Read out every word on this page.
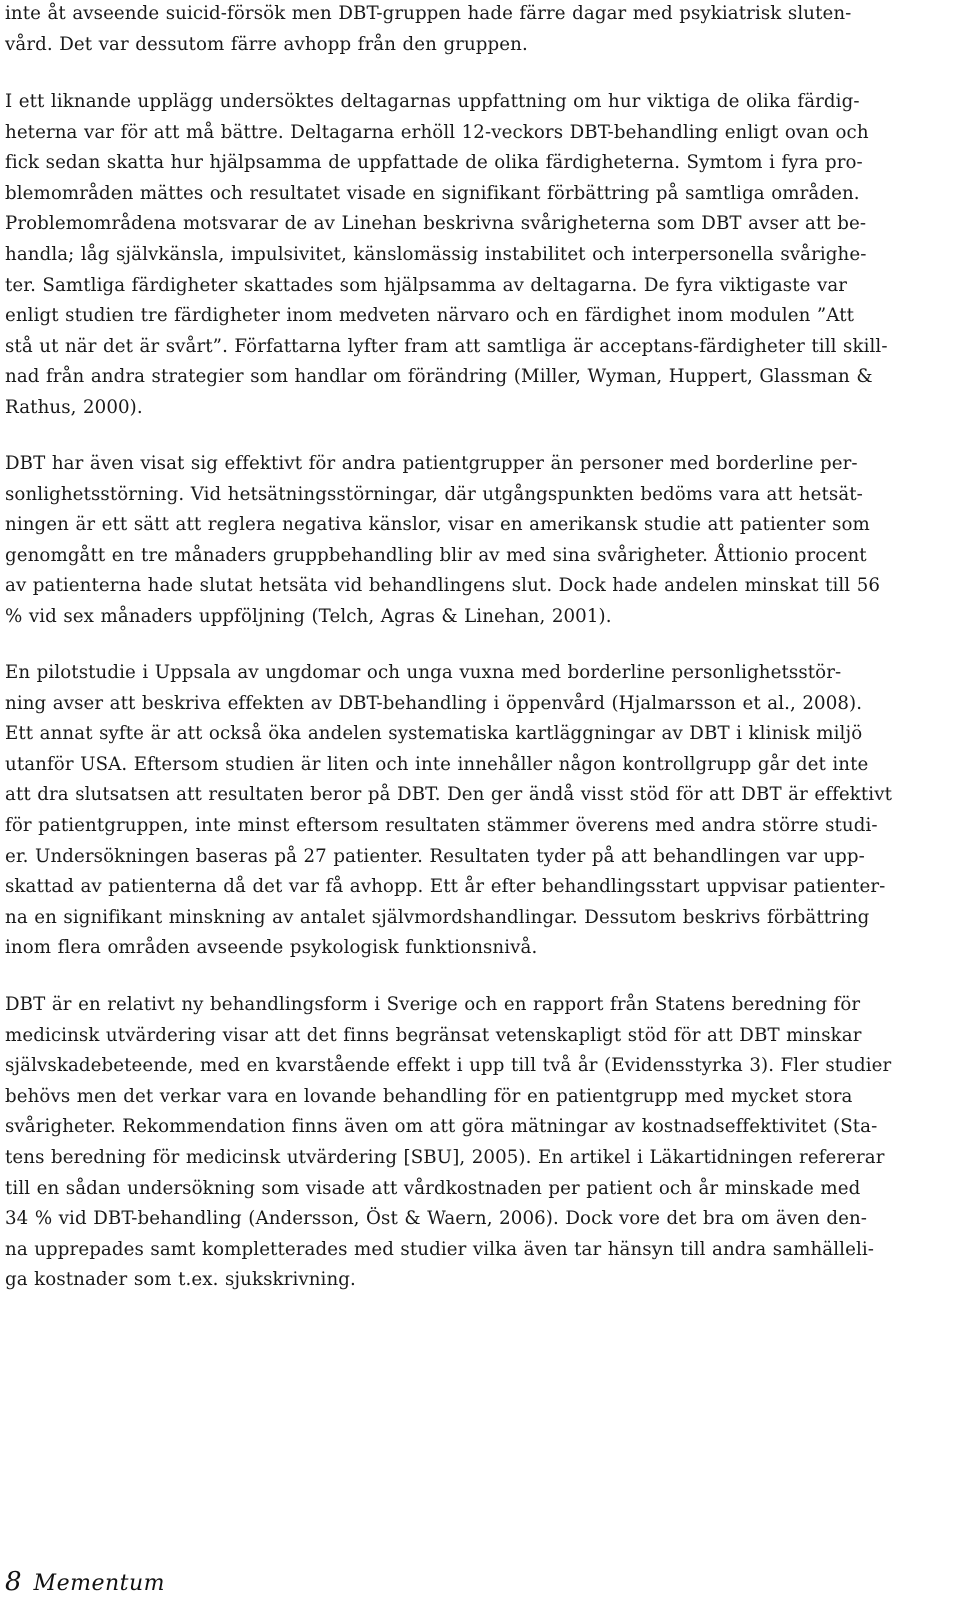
inte åt avseende suicid-försök men DBT-gruppen hade färre dagar med psykiatrisk sluten-
vård. Det var dessutom färre avhopp från den gruppen.
I ett liknande upplägg undersöktes deltagarnas uppfattning om hur viktiga de olika färdig-
heterna var för att må bättre. Deltagarna erhöll 12-veckors DBT-behandling enligt ovan och
fick sedan skatta hur hjälpsamma de uppfattade de olika färdigheterna. Symtom i fyra pro-
blemområden mättes och resultatet visade en signifikant förbättring på samtliga områden.
Problemområdena motsvarar de av Linehan beskrivna svårigheterna som DBT avser att be-
handla; låg självkänsla, impulsivitet, känslomässig instabilitet och interpersonella svårighe-
ter. Samtliga färdigheter skattades som hjälpsamma av deltagarna. De fyra viktigaste var
enligt studien tre färdigheter inom medveten närvaro och en färdighet inom modulen ”Att
stå ut när det är svårt”. Författarna lyfter fram att samtliga är acceptans-färdigheter till skill-
nad från andra strategier som handlar om förändring (Miller, Wyman, Huppert, Glassman &
Rathus, 2000).
DBT har även visat sig effektivt för andra patientgrupper än personer med borderline per-
sonlighetsstörning. Vid hetsätningsstörningar, där utgångspunkten bedöms vara att hetsät-
ningen är ett sätt att reglera negativa känslor, visar en amerikansk studie att patienter som
genomgått en tre månaders gruppbehandling blir av med sina svårigheter. Åttionio procent
av patienterna hade slutat hetsäta vid behandlingens slut. Dock hade andelen minskat till 56
% vid sex månaders uppföljning (Telch, Agras & Linehan, 2001).
En pilotstudie i Uppsala av ungdomar och unga vuxna med borderline personlighetsstör-
ning avser att beskriva effekten av DBT-behandling i öppenvård (Hjalmarsson et al., 2008).
Ett annat syfte är att också öka andelen systematiska kartläggningar av DBT i klinisk miljö
utanför USA. Eftersom studien är liten och inte innehåller någon kontrollgrupp går det inte
att dra slutsatsen att resultaten beror på DBT. Den ger ändå visst stöd för att DBT är effektivt
för patientgruppen, inte minst eftersom resultaten stämmer överens med andra större studi-
er. Undersökningen baseras på 27 patienter. Resultaten tyder på att behandlingen var upp-
skattad av patienterna då det var få avhopp. Ett år efter behandlingsstart uppvisar patienter-
na en signifikant minskning av antalet självmordshandlingar. Dessutom beskrivs förbättring
inom flera områden avseende psykologisk funktionsnivå.
DBT är en relativt ny behandlingsform i Sverige och en rapport från Statens beredning för
medicinsk utvärdering visar att det finns begränsat vetenskapligt stöd för att DBT minskar
självskadebeteende, med en kvarstående effekt i upp till två år (Evidensstyrka 3). Fler studier
behövs men det verkar vara en lovande behandling för en patientgrupp med mycket stora
svårigheter. Rekommendation finns även om att göra mätningar av kostnadseffektivitet (Sta-
tens beredning för medicinsk utvärdering [SBU], 2005). En artikel i Läkartidningen refererar
till en sådan undersökning som visade att vårdkostnaden per patient och år minskade med
34 % vid DBT-behandling (Andersson, Öst & Waern, 2006). Dock vore det bra om även den-
na upprepades samt kompletterades med studier vilka även tar hänsyn till andra samhälleli-
ga kostnader som t.ex. sjukskrivning.
8 Mementum
